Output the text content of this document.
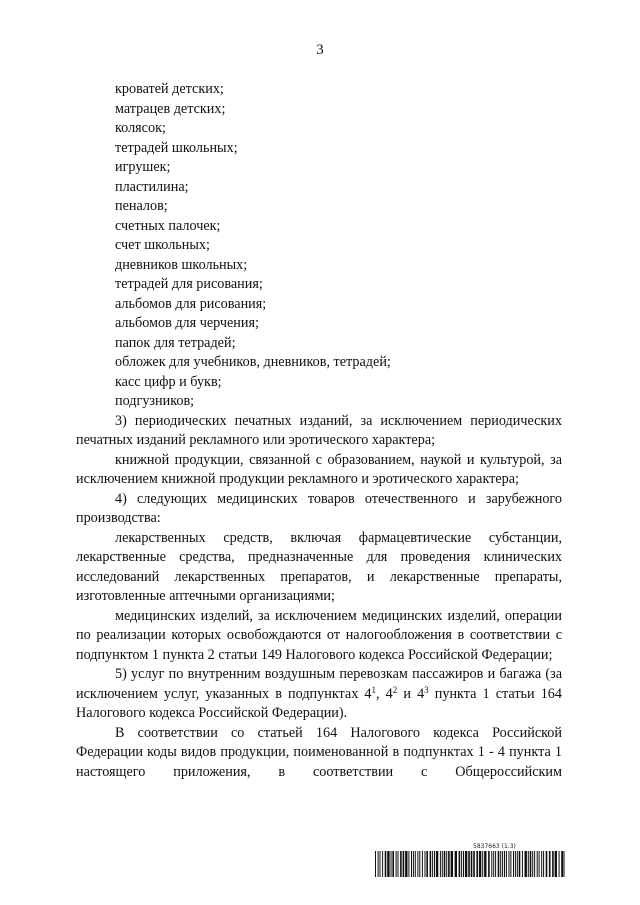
3
кроватей детских;
матрацев детских;
колясок;
тетрадей школьных;
игрушек;
пластилина;
пеналов;
счетных палочек;
счет школьных;
дневников школьных;
тетрадей для рисования;
альбомов для рисования;
альбомов для черчения;
папок для тетрадей;
обложек для учебников, дневников, тетрадей;
касс цифр и букв;
подгузников;

3) периодических печатных изданий, за исключением периодических печатных изданий рекламного или эротического характера;

книжной продукции, связанной с образованием, наукой и культурой, за исключением книжной продукции рекламного и эротического характера;

4) следующих медицинских товаров отечественного и зарубежного производства:

лекарственных средств, включая фармацевтические субстанции, лекарственные средства, предназначенные для проведения клинических исследований лекарственных препаратов, и лекарственные препараты, изготовленные аптечными организациями;

медицинских изделий, за исключением медицинских изделий, операции по реализации которых освобождаются от налогообложения в соответствии с подпунктом 1 пункта 2 статьи 149 Налогового кодекса Российской Федерации;

5) услуг по внутренним воздушным перевозкам пассажиров и багажа (за исключением услуг, указанных в подпунктах $4^1$, $4^2$ и $4^3$ пункта 1 статьи 164 Налогового кодекса Российской Федерации).

В соответствии со статьей 164 Налогового кодекса Российской Федерации коды видов продукции, поименованной в подпунктах 1 - 4 пункта 1 настоящего приложения, в соответствии с Общероссийским

5837663 (1.3)
